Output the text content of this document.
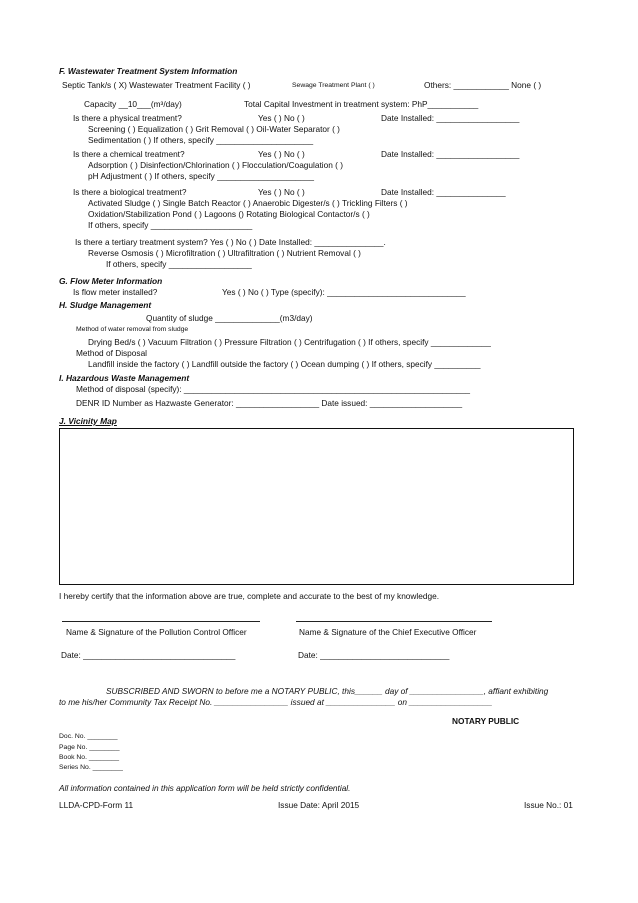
F. Wastewater Treatment System Information
Septic Tank/s ( X) Wastewater Treatment Facility ( )	Sewage Treatment Plant ( )	Others: ____________ None ( )
Capacity __10___(m³/day)	Total Capital Investment in treatment system: PhP___________
Is there a physical treatment?	Yes ( ) No ( )	Date Installed: __________________
Screening ( ) Equalization ( ) Grit Removal ( ) Oil-Water Separator ( )
Sedimentation ( ) If others, specify _____________________
Is there a chemical treatment?	Yes ( ) No ( )	Date Installed: __________________
Adsorption ( ) Disinfection/Chlorination ( ) Flocculation/Coagulation ( )
pH Adjustment ( ) If others, specify _____________________
Is there a biological treatment?	Yes ( ) No ( )	Date Installed: _______________
Activated Sludge ( ) Single Batch Reactor ( ) Anaerobic Digester/s ( ) Trickling Filters ( )
Oxidation/Stabilization Pond ( ) Lagoons () Rotating Biological Contactor/s ( )
If others, specify ______________________
Is there a tertiary treatment system? Yes ( ) No ( ) Date Installed: _______________.
Reverse Osmosis ( ) Microfiltration ( ) Ultrafiltration ( ) Nutrient Removal ( )
If others, specify __________________
G. Flow Meter Information
Is flow meter installed?	Yes ( ) No ( ) Type (specify): ______________________________
H. Sludge Management
Quantity of sludge ______________(m3/day)
Method of water removal from sludge
Drying Bed/s ( ) Vacuum Filtration ( ) Pressure Filtration ( ) Centrifugation ( ) If others, specify _____________
Method of Disposal
Landfill inside the factory ( ) Landfill outside the factory ( ) Ocean dumping ( ) If others, specify __________
I. Hazardous Waste Management
Method of disposal (specify): ______________________________________________________________
DENR ID Number as Hazwaste Generator: __________________ Date issued: ____________________
J. Vicinity Map
I hereby certify that the information above are true, complete and accurate to the best of my knowledge.
Name & Signature of the Pollution Control Officer	Name & Signature of the Chief Executive Officer
Date: _________________________________	Date: ____________________________
SUBSCRIBED AND SWORN to before me a NOTARY PUBLIC, this______ day of ________________, affiant exhibiting
to me his/her Community Tax Receipt No. ________________ issued at _______________ on __________________
NOTARY PUBLIC
Doc. No. ________
Page No. ________
Book No. ________
Series No. ________
All information contained in this application form will be held strictly confidential.
LLDA-CPD-Form 11	Issue Date: April 2015	Issue No.: 01
